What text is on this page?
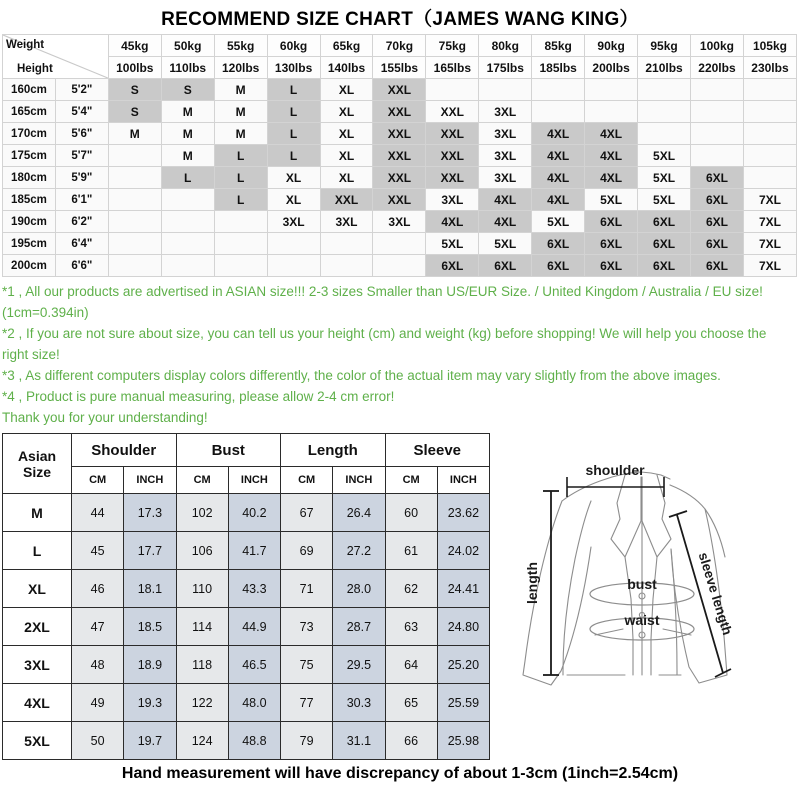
RECOMMEND SIZE CHART（JAMES WANG KING）
Weight
Height		45kg	50kg	55kg	60kg	65kg	70kg	75kg	80kg	85kg	90kg	95kg	100kg	105kg
		100lbs	110lbs	120lbs	130lbs	140lbs	155lbs	165lbs	175lbs	185lbs	200lbs	210lbs	220lbs	230lbs
160cm	5'2"	S	S	M	L	XL	XXL							
165cm	5'4"	S	M	M	L	XL	XXL	XXL	3XL					
170cm	5'6"	M	M	M	L	XL	XXL	XXL	3XL	4XL	4XL			
175cm	5'7"		M	L	L	XL	XXL	XXL	3XL	4XL	4XL	5XL		
180cm	5'9"		L	L	XL	XL	XXL	XXL	3XL	4XL	4XL	5XL	6XL	
185cm	6'1"			L	XL	XXL	XXL	3XL	4XL	4XL	5XL	5XL	6XL	7XL
190cm	6'2"				3XL	3XL	3XL	4XL	4XL	5XL	6XL	6XL	6XL	7XL
195cm	6'4"							5XL	5XL	6XL	6XL	6XL	6XL	7XL
200cm	6'6"							6XL	6XL	6XL	6XL	6XL	6XL	7XL

*1 , All our products are advertised in ASIAN size!!! 2-3 sizes Smaller than US/EUR Size. / United Kingdom / Australia / EU size! (1cm=0.394in)

*2 , If you are not sure about size, you can tell us your height (cm) and weight (kg) before shopping! We will help you choose the right size!

*3 , As different computers display colors differently, the color of the actual item may vary slightly from the above images.

*4 , Product is pure manual measuring, please allow 2-4 cm error!

Thank you for your understanding!

Asian
Size	Shoulder		Bust		Length		Sleeve	
	CM	INCH	CM	INCH	CM	INCH	CM	INCH
M	44	17.3	102	40.2	67	26.4	60	23.62
L	45	17.7	106	41.7	69	27.2	61	24.02
XL	46	18.1	110	43.3	71	28.0	62	24.41
2XL	47	18.5	114	44.9	73	28.7	63	24.80
3XL	48	18.9	118	46.5	75	29.5	64	25.20
4XL	49	19.3	122	48.0	77	30.3	65	25.59
5XL	50	19.7	124	48.8	79	31.1	66	25.98
shoulder
length	bust
waist	sleeve length
Hand measurement will have discrepancy of about 1-3cm (1inch=2.54cm)
